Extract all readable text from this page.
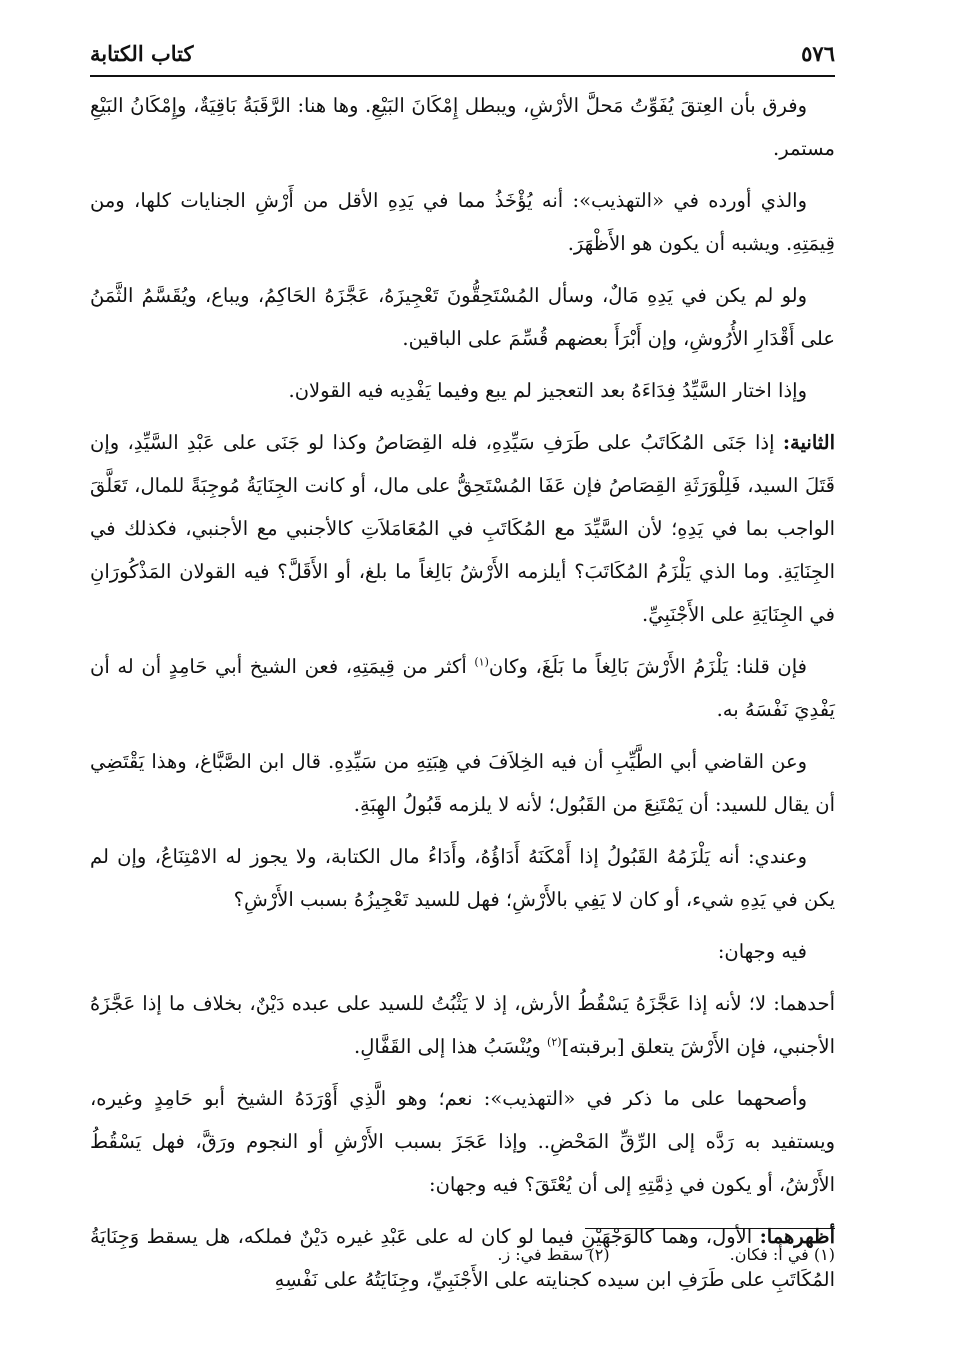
٥٧٦
كتاب الكتابة

وفرق بأن العِتقَ يُفَوِّتُ مَحلَّ الأرْشِ، ويبطل إِمْكَانَ البَيْعِ. وها هنا: الرَّقَبَةُ بَاقِيَةٌ، وإِمْكَانُ البَيْعِ مستمر.

والذي أورده في «التهذيب»: أنه يُؤْخَذُ مما في يَدِهِ الأقل من أَرْشِ الجنايات كلها، ومن قِيمَتِهِ. ويشبه أن يكون هو الأَظْهَرَ.

ولو لم يكن في يَدِهِ مَالٌ، وسأل المُسْتَحِقُّونَ تَعْجِيزَهُ، عَجَّزَهُ الحَاكِمُ، ويباع، ويُقَسَّمُ الثَّمَنُ على أَقْدَارِ الأُرُوشِ، وإن أَبْرَأَ بعضهم قُسِّمَ على الباقين.

وإذا اختار السَّيِّدُ فِدَاءَهُ بعد التعجيز لم يبع وفيما يَفْدِيه فيه القولان.

الثانية: إذا جَنَى المُكَاتَبُ على طَرَفِ سَيِّدِهِ، فله القِصَاصُ وكذا لو جَنَى على عَبْدِ السَّيِّدِ، وإن قَتَلَ السيد، فَلِلْوَرَثَةِ القِصَاصُ فإن عَفَا المُسْتَحِقُّ على مال، أو كانت الجِنَايَةُ مُوجِبَةً للمال، تَعَلَّقَ الواجب بما في يَدِهِ؛ لأن السَّيِّدَ مع المُكَاتَبِ في المُعَامَلاَتِ كالأجنبي مع الأجنبي، فكذلك في الجِنَايَةِ. وما الذي يَلْزَمُ المُكَاتَبَ؟ أيلزمه الأَرْشُ بَالِغاً ما بلغ، أو الأَقَلَّ؟ فيه القولان المَذْكُورَانِ في الجِنَايَةِ على الأَجْنَبِيِّ.

فإن قلنا: يَلْزَمُ الأَرْشَ بَالِغاً ما بَلَغَ، وكان$^{(١)}$ أكثر من قِيمَتِهِ، فعن الشيخ أبي حَامِدٍ أن له أن يَفْدِيَ نَفْسَهُ به.

وعن القاضي أبي الطَّيِّبِ أن فيه الخِلاَفَ في هِبَتِهِ من سَيِّدِهِ. قال ابن الصَّبَّاغ، وهذا يَقْتَضِي أن يقال للسيد: أن يَمْتَنِعَ من القَبُول؛ لأنه لا يلزمه قَبُولُ الهِبَةِ.

وعندي: أنه يَلْزَمُهُ القَبُولُ إذا أَمْكَنَهُ أَدَاؤُهُ، وأَدَاءُ مال الكتابة، ولا يجوز له الامْتِنَاعُ، وإن لم يكن في يَدِهِ شيء، أو كان لا يَفِي بالأَرْشِ؛ فهل للسيد تَعْجِيزُهُ بسبب الأَرْشِ؟

فيه وجهان:

أحدهما: لا؛ لأنه إذا عَجَّزَهُ يَسْقُطُ الأرش، إذ لا يَثْبُتُ للسيد على عبده دَيْنٌ، بخلاف ما إذا عَجَّزَهُ الأجنبي، فإن الأَرْشَ يتعلق [برقبته]$^{(٢)}$ ويُنْسَبُ هذا إلى القَفَّالِ.

وأصحهما على ما ذكر في «التهذيب»: نعم؛ وهو الَّذِي أَوْرَدَهُ الشيخ أبو حَامِدٍ وغيره، ويستفيد به رَدَّه إلى الرِّقِّ المَحْضِ.. وإذا عَجَزَ بسبب الأَرْشِ أو النجوم ورَقَّ، فهل يَسْقُطُ الأَرْشُ، أو يكون في ذِمَّتِهِ إلى أن يُعْتَقَ؟ فيه وجهان:

أظهرهما: الأول، وهما كالوَجْهَيْنِ فيما لو كان له على عَبْدِ غيره دَيْنٌ فملكه، هل يسقط وَجِنَايَةُ المُكَاتَبِ على طَرَفِ ابن سيده كجنايته على الأَجْنَبِيِّ، وجِنَايَتُهُ على نَفْسِهِ

(١) في أ: فكان.
(٢) سقط في: ز.
